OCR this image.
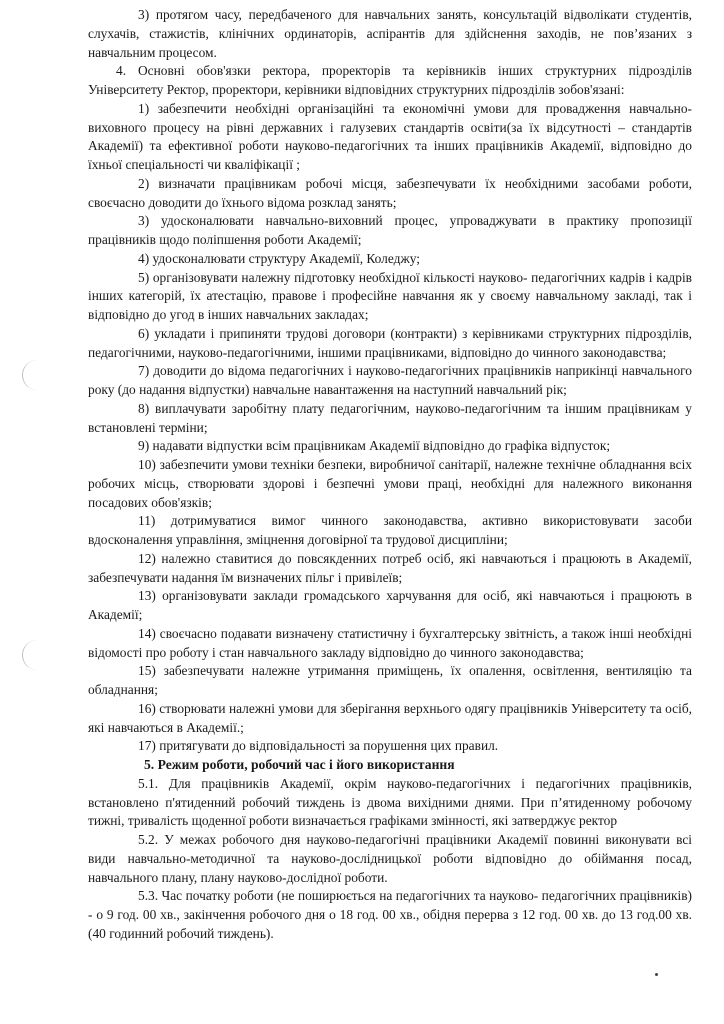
3) протягом часу, передбаченого для навчальних занять, консультацій відволікати студентів, слухачів, стажистів, клінічних ординаторів, аспірантів для здійснення заходів, не пов’язаних з навчальним процесом.

4. Основні обов'язки ректора, проректорів та керівників інших структурних підрозділів Університету Ректор, проректори, керівники відповідних структурних підрозділів зобов'язані:

1) забезпечити необхідні організаційні та економічні умови для провадження навчально-виховного процесу на рівні державних і галузевих стандартів освіти(за їх відсутності – стандартів Академії) та ефективної роботи науково-педагогічних та інших працівників Академії, відповідно до їхньої спеціальності чи кваліфікації ;

2) визначати працівникам робочі місця, забезпечувати їх необхідними засобами роботи, своєчасно доводити до їхнього відома розклад занять;

3) удосконалювати навчально-виховний процес, упроваджувати в практику пропозиції працівників щодо поліпшення роботи Академії;

4) удосконалювати структуру Академії, Коледжу;

5) організовувати належну підготовку необхідної кількості науково- педагогічних кадрів і кадрів інших категорій, їх атестацію, правове і професійне навчання як у своєму навчальному закладі, так і відповідно до угод в інших навчальних закладах;

6) укладати і припиняти трудові договори (контракти) з керівниками структурних підрозділів, педагогічними, науково-педагогічними, іншими працівниками, відповідно до чинного законодавства;

7) доводити до відома педагогічних і науково-педагогічних працівників наприкінці навчального року (до надання відпустки) навчальне навантаження на наступний навчальний рік;

8) виплачувати заробітну плату педагогічним, науково-педагогічним та іншим працівникам у встановлені терміни;

9) надавати відпустки всім працівникам Академії відповідно до графіка відпусток;

10) забезпечити умови техніки безпеки, виробничої санітарії, належне технічне обладнання всіх робочих місць, створювати здорові і безпечні умови праці, необхідні для належного виконання посадових обов'язків;

11) дотримуватися вимог чинного законодавства, активно використовувати засоби вдосконалення управління, зміцнення договірної та трудової дисципліни;

12) належно ставитися до повсякденних потреб осіб, які навчаються і працюють в Академії, забезпечувати надання їм визначених пільг і привілеїв;

13) організовувати заклади громадського харчування для осіб, які навчаються і працюють в Академії;

14) своєчасно подавати визначену статистичну і бухгалтерську звітність, а також інші необхідні відомості про роботу і стан навчального закладу відповідно до чинного законодавства;

15) забезпечувати належне утримання приміщень, їх опалення, освітлення, вентиляцію та обладнання;

16) створювати належні умови для зберігання верхнього одягу працівників Університету та осіб, які навчаються в Академії.;

17) притягувати до відповідальності за порушення цих правил.

5. Режим роботи, робочий час і його використання

5.1. Для працівників Академії, окрім науково-педагогічних і педагогічних працівників, встановлено п'ятиденний робочий тиждень із двома вихідними днями. При п’ятиденному робочому тижні, тривалість щоденної роботи визначається графіками змінності, які затверджує ректор

5.2. У межах робочого дня науково-педагогічні працівники Академії повинні виконувати всі види навчально-методичної та науково-дослідницької роботи відповідно до обіймання посад, навчального плану, плану науково-дослідної роботи.

5.3. Час початку роботи (не поширюється на педагогічних та науково- педагогічних працівників) - о 9 год. 00 хв., закінчення робочого дня о 18 год. 00 хв., обідня перерва з 12 год. 00 хв. до 13 год.00 хв.(40 годинний робочий тиждень).
